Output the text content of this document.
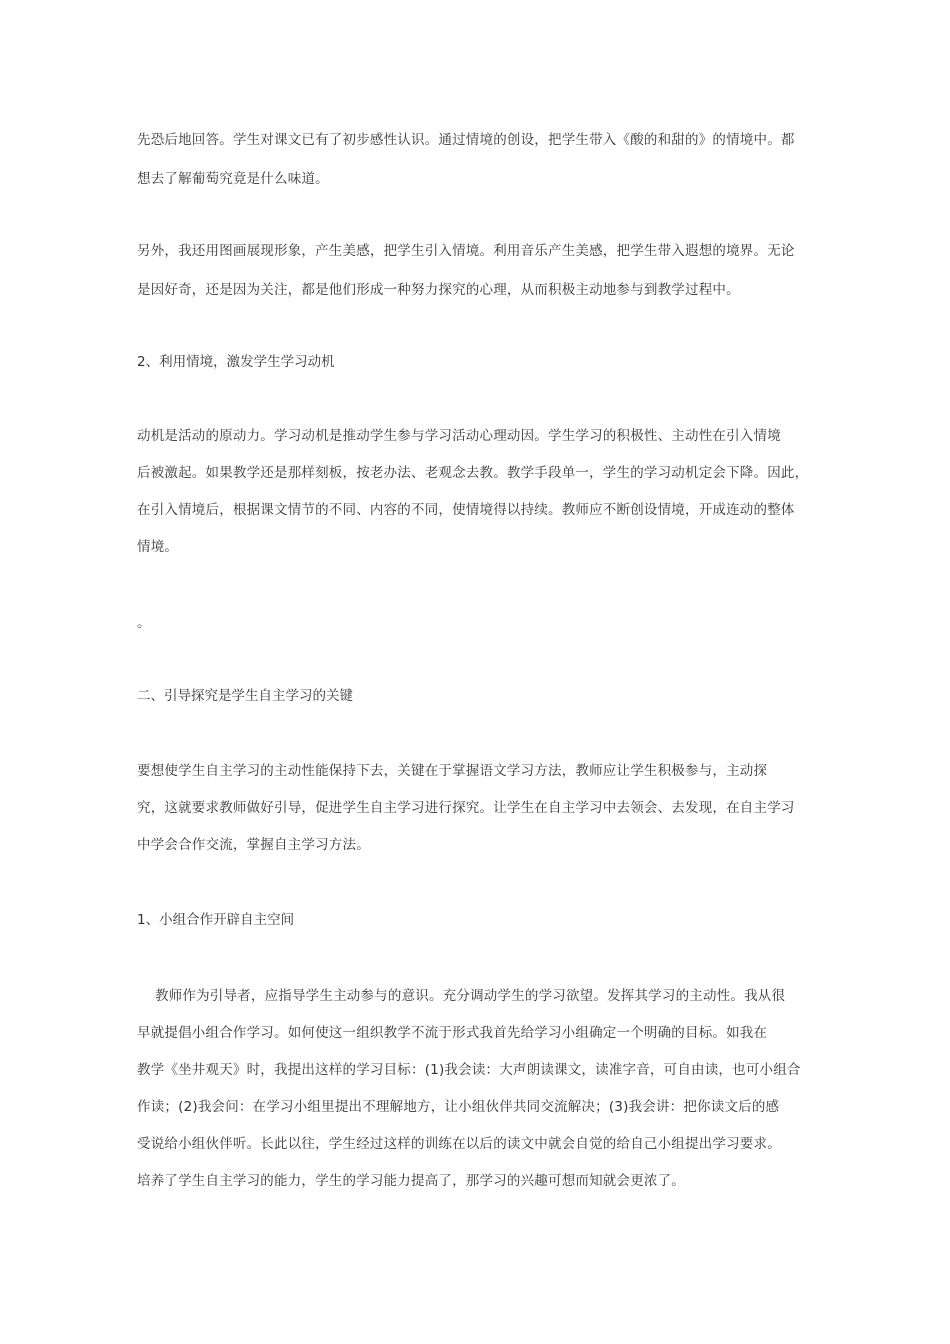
先恐后地回答。学生对课文已有了初步感性认识。通过情境的创设，把学生带入《酸的和甜的》的情境中。都
想去了解葡萄究竟是什么味道。
另外，我还用图画展现形象，产生美感，把学生引入情境。利用音乐产生美感，把学生带入遐想的境界。无论
是因好奇，还是因为关注，都是他们形成一种努力探究的心理，从而积极主动地参与到教学过程中。
2、利用情境，激发学生学习动机
动机是活动的原动力。学习动机是推动学生参与学习活动心理动因。学生学习的积极性、主动性在引入情境
后被激起。如果教学还是那样刻板，按老办法、老观念去教。教学手段单一，学生的学习动机定会下降。因此，
在引入情境后，根据课文情节的不同、内容的不同，使情境得以持续。教师应不断创设情境，开成连动的整体
情境。
。
二、引导探究是学生自主学习的关键
要想使学生自主学习的主动性能保持下去，关键在于掌握语文学习方法，教师应让学生积极参与，主动探
究，这就要求教师做好引导，促进学生自主学习进行探究。让学生在自主学习中去领会、去发现，在自主学习
中学会合作交流，掌握自主学习方法。
1、小组合作开辟自主空间
教师作为引导者，应指导学生主动参与的意识。充分调动学生的学习欲望。发挥其学习的主动性。我从很
早就提倡小组合作学习。如何使这一组织教学不流于形式我首先给学习小组确定一个明确的目标。如我在
教学《坐井观天》时，我提出这样的学习目标：(1)我会读：大声朗读课文，读准字音，可自由读，也可小组合
作读；(2)我会问：在学习小组里提出不理解地方，让小组伙伴共同交流解决；(3)我会讲：把你读文后的感
受说给小组伙伴听。长此以往，学生经过这样的训练在以后的读文中就会自觉的给自己小组提出学习要求。
培养了学生自主学习的能力，学生的学习能力提高了，那学习的兴趣可想而知就会更浓了。
